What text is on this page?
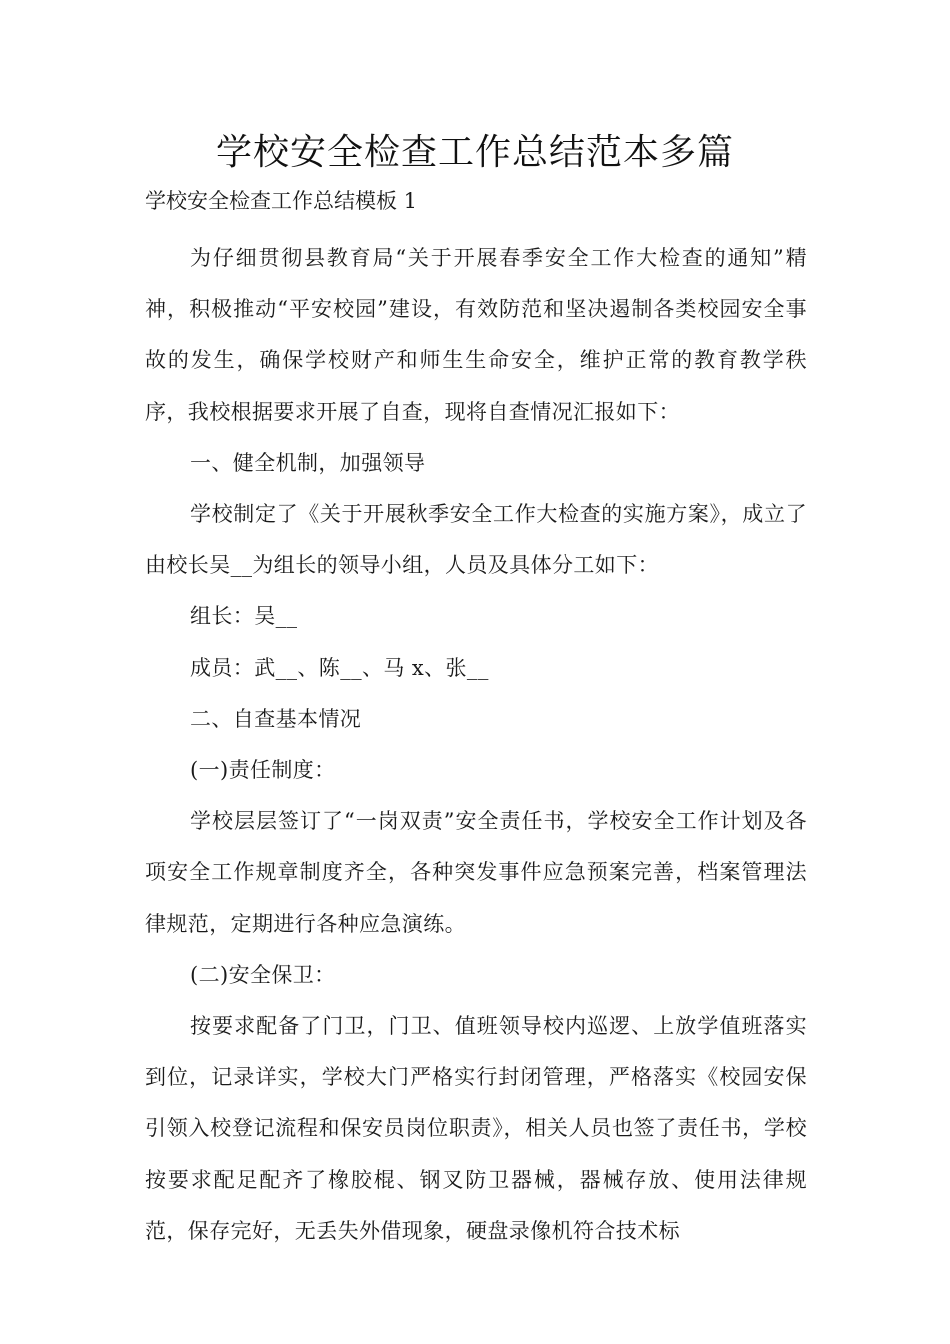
学校安全检查工作总结范本多篇

学校安全检查工作总结模板 1

为仔细贯彻县教育局“关于开展春季安全工作大检查的通知”精神，积极推动“平安校园”建设，有效防范和坚决遏制各类校园安全事故的发生，确保学校财产和师生生命安全，维护正常的教育教学秩序，我校根据要求开展了自查，现将自查情况汇报如下：

一、健全机制，加强领导

学校制定了《关于开展秋季安全工作大检查的实施方案》，成立了由校长吴__为组长的领导小组，人员及具体分工如下：

组长：吴__

成员：武__、陈__、马 x、张__

二、自查基本情况

(一)责任制度：

学校层层签订了“一岗双责”安全责任书，学校安全工作计划及各项安全工作规章制度齐全，各种突发事件应急预案完善，档案管理法律规范，定期进行各种应急演练。

(二)安全保卫：

按要求配备了门卫，门卫、值班领导校内巡逻、上放学值班落实到位，记录详实，学校大门严格实行封闭管理，严格落实《校园安保引领入校登记流程和保安员岗位职责》，相关人员也签了责任书，学校按要求配足配齐了橡胶棍、钢叉防卫器械，器械存放、使用法律规范，保存完好，无丢失外借现象，硬盘录像机符合技术标
